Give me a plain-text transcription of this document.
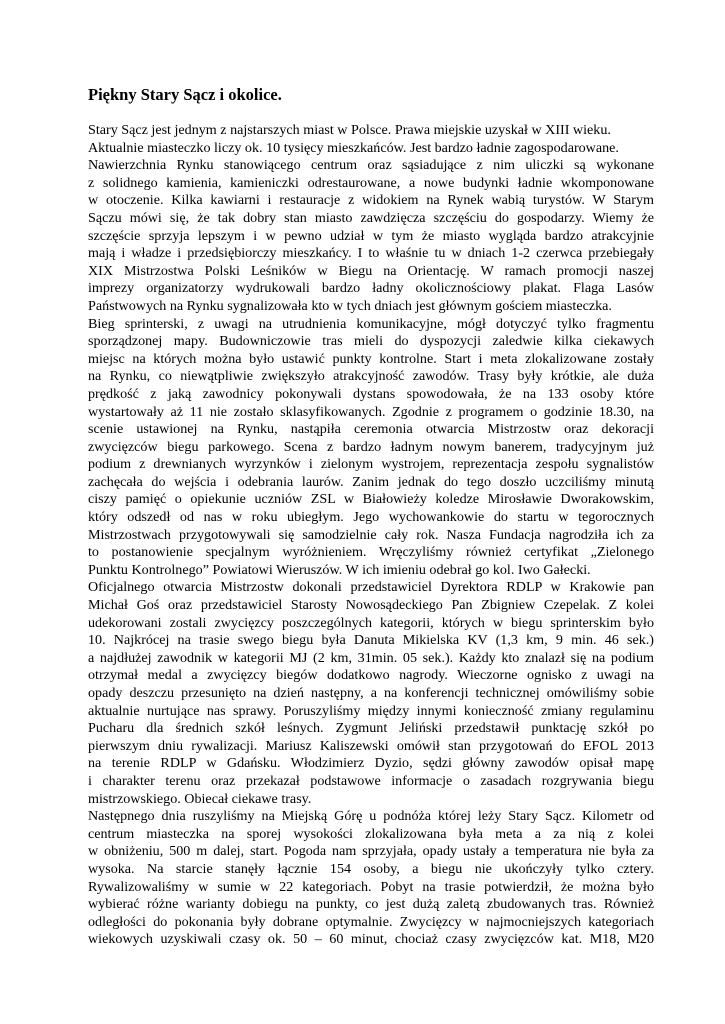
Piękny Stary Sącz i okolice.
Stary Sącz jest jednym z najstarszych miast w Polsce. Prawa miejskie uzyskał w XIII wieku.
Aktualnie miasteczko liczy ok. 10 tysięcy mieszkańców. Jest bardzo ładnie zagospodarowane.
Nawierzchnia Rynku stanowiącego centrum oraz sąsiadujące z nim uliczki są wykonane
z solidnego kamienia, kamieniczki odrestaurowane, a nowe budynki ładnie wkomponowane
w otoczenie. Kilka kawiarni i restauracje z widokiem na Rynek wabią turystów. W Starym
Sączu mówi się, że tak dobry stan miasto zawdzięcza szczęściu do gospodarzy. Wiemy że
szczęście sprzyja lepszym i w pewno udział w tym że miasto wygląda bardzo atrakcyjnie
mają i władze i przedsiębiorczy mieszkańcy. I to właśnie tu w dniach 1-2 czerwca przebiegały
XIX Mistrzostwa Polski Leśników w Biegu na Orientację. W ramach promocji naszej
imprezy organizatorzy wydrukowali bardzo ładny okolicznościowy plakat. Flaga Lasów
Państwowych na Rynku sygnalizowała kto w tych dniach jest głównym gościem miasteczka.
Bieg sprinterski, z uwagi na utrudnienia komunikacyjne, mógł dotyczyć tylko fragmentu
sporządzonej mapy. Budowniczowie tras mieli do dyspozycji zaledwie kilka ciekawych
miejsc na których można było ustawić punkty kontrolne. Start i meta zlokalizowane zostały
na Rynku, co niewątpliwie zwiększyło atrakcyjność zawodów. Trasy były krótkie, ale duża
prędkość z jaką zawodnicy pokonywali dystans spowodowała, że na 133 osoby które
wystartowały aż 11 nie zostało sklasyfikowanych. Zgodnie z programem o godzinie 18.30, na
scenie ustawionej na Rynku, nastąpiła ceremonia otwarcia Mistrzostw oraz dekoracji
zwycięzców biegu parkowego. Scena z bardzo ładnym nowym banerem, tradycyjnym już
podium z drewnianych wyrzynków i zielonym wystrojem, reprezentacja zespołu sygnalistów
zachęcała do wejścia i odebrania laurów. Zanim jednak do tego doszło uczciliśmy minutą
ciszy pamięć o opiekunie uczniów ZSL w Białowieży koledze Mirosławie Dworakowskim,
który odszedł od nas w roku ubiegłym. Jego wychowankowie do startu w tegorocznych
Mistrzostwach przygotowywali się samodzielnie cały rok. Nasza Fundacja nagrodziła ich za
to postanowienie specjalnym wyróżnieniem. Wręczyliśmy również certyfikat „Zielonego
Punktu Kontrolnego” Powiatowi Wieruszów. W ich imieniu odebrał go kol. Iwo Gałecki.
Oficjalnego otwarcia Mistrzostw dokonali przedstawiciel Dyrektora RDLP w Krakowie pan
Michał Goś oraz przedstawiciel Starosty Nowosądeckiego Pan Zbigniew Czepelak. Z kolei
udekorowani zostali zwycięzcy poszczególnych kategorii, których w biegu sprinterskim było
10. Najkrócej na trasie swego biegu była Danuta Mikielska KV (1,3 km, 9 min. 46 sek.)
a najdłużej zawodnik w kategorii MJ (2 km, 31min. 05 sek.). Każdy kto znalazł się na podium
otrzymał medal a zwycięzcy biegów dodatkowo nagrody. Wieczorne ognisko z uwagi na
opady deszczu przesunięto na dzień następny, a na konferencji technicznej omówiliśmy sobie
aktualnie nurtujące nas sprawy. Poruszyliśmy między innymi konieczność zmiany regulaminu
Pucharu dla średnich szkół leśnych. Zygmunt Jeliński przedstawił punktację szkół po
pierwszym dniu rywalizacji. Mariusz Kaliszewski omówił stan przygotowań do EFOL 2013
na terenie RDLP w Gdańsku. Włodzimierz Dyzio, sędzi główny zawodów opisał mapę
i charakter terenu oraz przekazał podstawowe informacje o zasadach rozgrywania biegu
mistrzowskiego. Obiecał ciekawe trasy.
Następnego dnia ruszyliśmy na Miejską Górę u podnóża której leży Stary Sącz. Kilometr od
centrum miasteczka na sporej wysokości zlokalizowana była meta a za nią z kolei
w obniżeniu, 500 m dalej, start. Pogoda nam sprzyjała, opady ustały a temperatura nie była za
wysoka. Na starcie stanęły łącznie 154 osoby, a biegu nie ukończyły tylko cztery.
Rywalizowaliśmy w sumie w 22 kategoriach. Pobyt na trasie potwierdził, że można było
wybierać różne warianty dobiegu na punkty, co jest dużą zaletą zbudowanych tras. Również
odległości do pokonania były dobrane optymalnie. Zwycięzcy w najmocniejszych kategoriach
wiekowych uzyskiwali czasy ok. 50 – 60 minut, chociaż czasy zwycięzców kat. M18, M20
